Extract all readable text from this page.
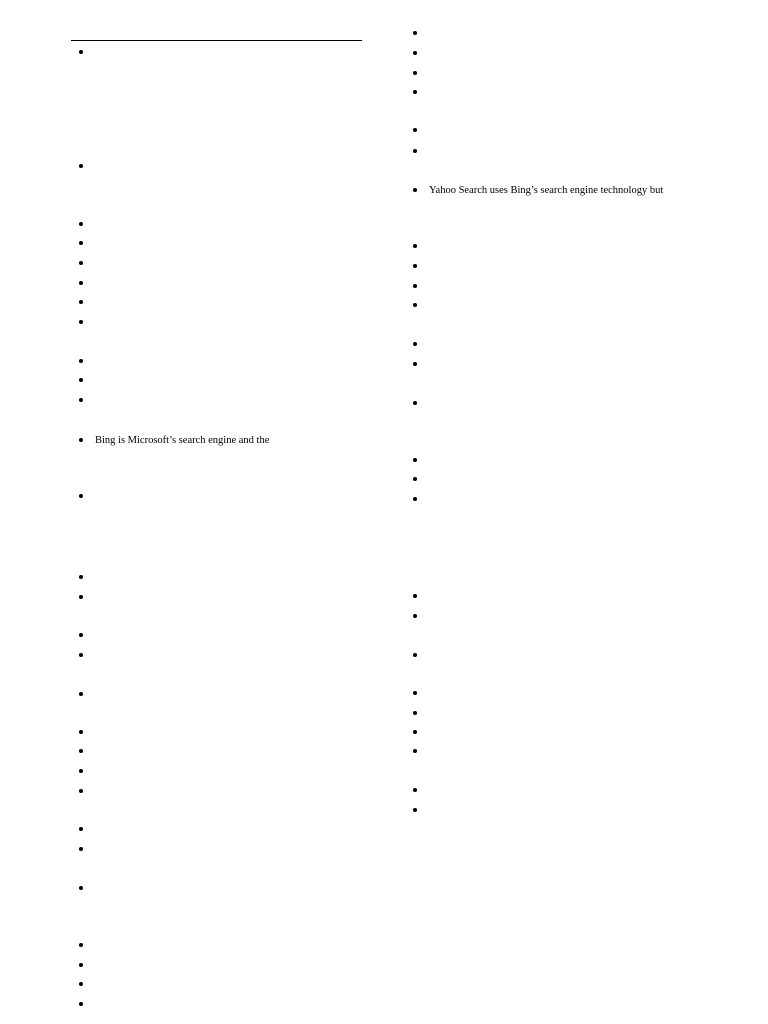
Bing is Microsoft’s search engine and the
Yahoo Search uses Bing’s search engine technology but
